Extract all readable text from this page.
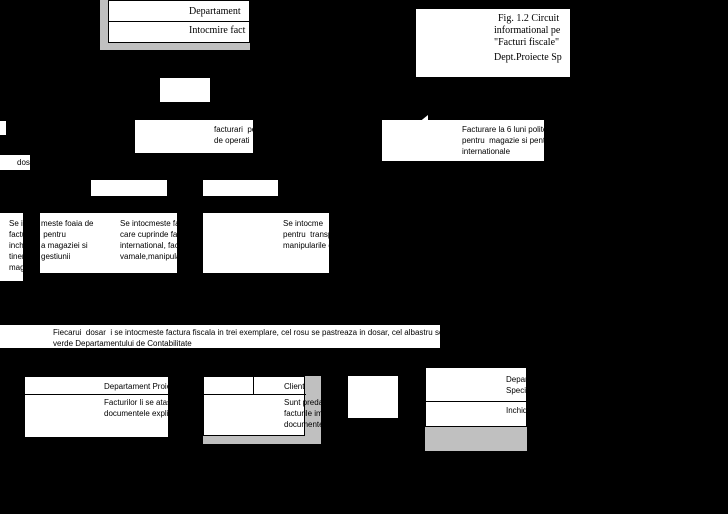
Departament
Intocmire fact
Fig. 1.2 Circuit
informational pe
"Facturi fiscale"
Dept.Proiecte Sp
dos
facturari  pe
de operati
Facturare la 6 luni polite
pentru  magazie si pentr
internationale
Se i
factu
inchir
tinere
magaz
meste foaia de
pentru
a magaziei si
gestiunii
Se intocmeste fa
care cuprinde fa
international, fac
vamale,manipula
Se intocme
pentru  transp
manipularile d
Fiecarui  dosar  i se intocmeste factura fiscala in trei exemplare, cel rosu se pastreaza in dosar, cel albastru se da
verde Departamentului de Contabilitate
Departament Proie
Facturilor li se atas
documentele expli
Client
Sunt preda
facturile imp
documente
Depar
Specia
Inchide
